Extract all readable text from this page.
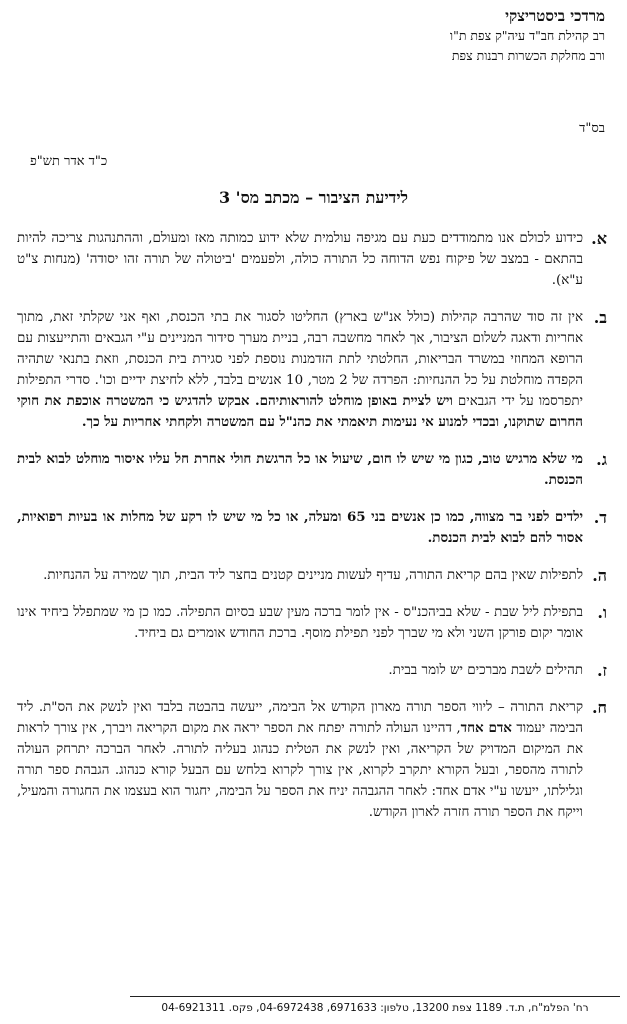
מרדכי ביסטריצקי
רב קהילת חב"ד עיה"ק צפת ת"ו
ורב מחלקת הכשרות רבנות צפת
בס"ד
כ"ד אדר תש"פ
לידיעת הציבור – מכתב מס' 3
א.
כידוע לכולם אנו מתמודדים כעת עם מגיפה עולמית שלא ידוע כמותה מאז ומעולם, וההתנהגות צריכה להיות בהתאם - במצב של פיקוח נפש הדוחה כל התורה כולה, ולפעמים 'ביטולה של תורה זהו יסודה' (מנחות צ"ט ע"א).
ב.
אין זה סוד שהרבה קהילות (כולל אנ"ש בארץ) החליטו לסגור את בתי הכנסת, ואף אני שקלתי זאת, מתוך אחריות ודאגה לשלום הציבור, אך לאחר מחשבה רבה, בניית מערך סידור המניינים ע"י הגבאים והתייעצות עם הרופא המחוזי במשרד הבריאות, החלטתי לתת הזדמנות נוספת לפני סגירת בית הכנסת, וזאת בתנאי שתהיה הקפדה מוחלטת על כל ההנחיות: הפרדה של 2 מטר, 10 אנשים בלבד, ללא לחיצת ידיים וכו'. סדרי התפילות יתפרסמו על ידי הגבאים ויש לציית באופן מוחלט להוראותיהם. אבקש להדגיש כי המשטרה אוכפת את חוקי החרום שתוקנו, ובכדי למנוע אי נעימות תיאמתי את כהנ"ל עם המשטרה ולקחתי אחריות על כך.
ג.
מי שלא מרגיש טוב, כגון מי שיש לו חום, שיעול או כל הרגשת חולי אחרת חל עליו איסור מוחלט לבוא לבית הכנסת.
ד.
ילדים לפני בר מצווה, כמו כן אנשים בני 65 ומעלה, או כל מי שיש לו רקע של מחלות או בעיות רפואיות, אסור להם לבוא לבית הכנסת.
ה.
לתפילות שאין בהם קריאת התורה, עדיף לעשות מניינים קטנים בחצר ליד הבית, תוך שמירה על ההנחיות.
ו.
בתפילת ליל שבת - שלא בביהכנ"ס - אין לומר ברכה מעין שבע בסיום התפילה. כמו כן מי שמתפלל ביחיד אינו אומר יקום פורקן השני ולא מי שברך לפני תפילת מוסף. ברכת החודש אומרים גם ביחיד.
ז.
תהילים לשבת מברכים יש לומר בבית.
ח.
קריאת התורה – ליווי הספר תורה מארון הקודש אל הבימה, ייעשה בהבטה בלבד ואין לנשק את הס"ת. ליד הבימה יעמוד אדם אחד, דהיינו העולה לתורה יפתח את הספר יראה את מקום הקריאה ויברך, אין צורך לראות את המיקום המדויק של הקריאה, ואין לנשק את הטלית כנהוג בעליה לתורה. לאחר הברכה יתרחק העולה לתורה מהספר, ובעל הקורא יתקרב לקרוא, אין צורך לקרוא בלחש עם הבעל קורא כנהוג. הגבהת ספר תורה וגלילתו, ייעשו ע"י אדם אחד: לאחר ההגבהה יניח את הספר על הבימה, יחגור הוא בעצמו את החגורה והמעיל, וייקח את הספר תורה חזרה לארון הקודש.
רח' הפלמ"ח, ת.ד. 1189 צפת 13200, טלפון: 6971633, 04-6972438, פקס. 04-6921311
